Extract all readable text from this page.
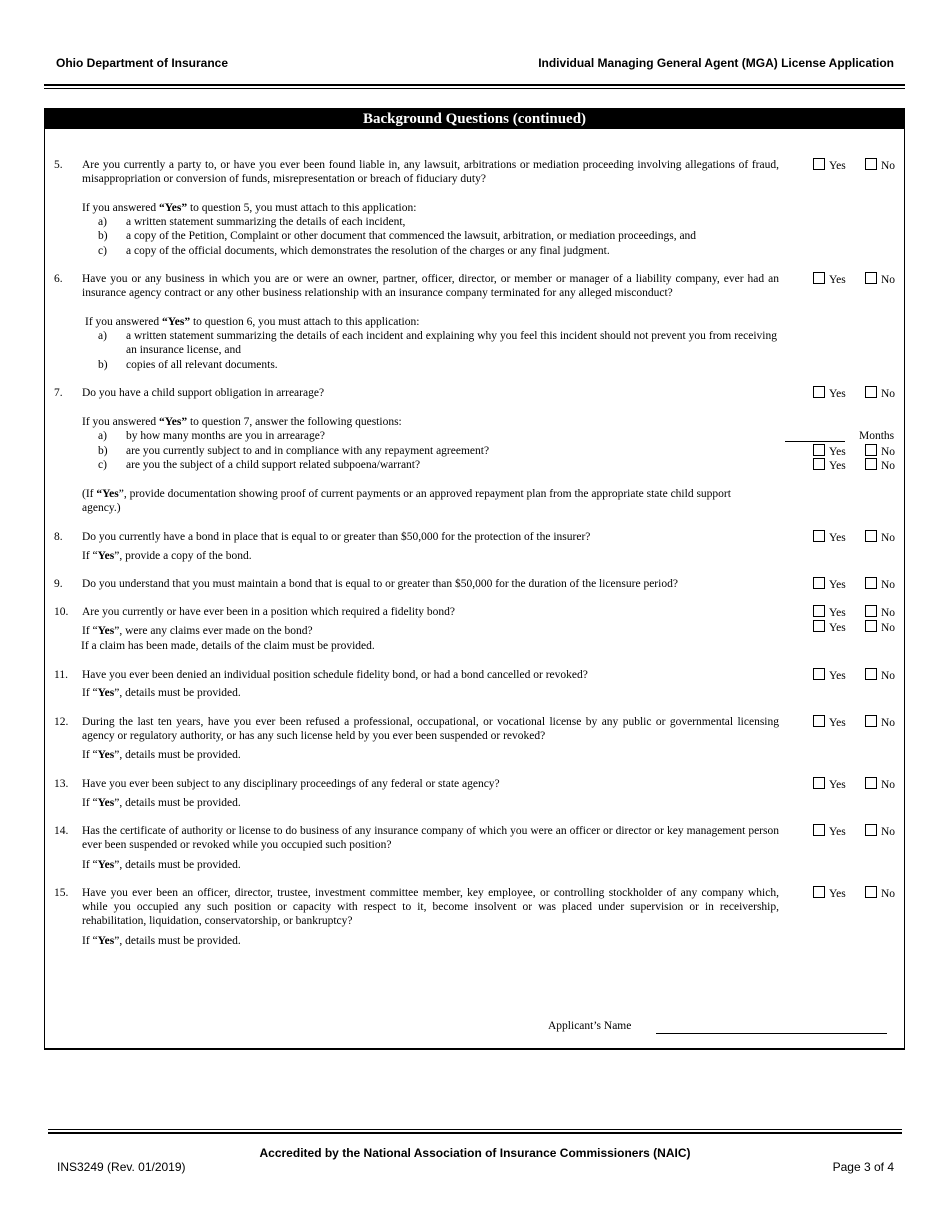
Ohio Department of Insurance	Individual Managing General Agent (MGA) License Application
Background Questions (continued)
5. Are you currently a party to, or have you ever been found liable in, any lawsuit, arbitrations or mediation proceeding involving allegations of fraud, misappropriation or conversion of funds, misrepresentation or breach of fiduciary duty?
Yes	No
If you answered “Yes” to question 5, you must attach to this application:
a) a written statement summarizing the details of each incident,
b) a copy of the Petition, Complaint or other document that commenced the lawsuit, arbitration, or mediation proceedings, and
c) a copy of the official documents, which demonstrates the resolution of the charges or any final judgment.
6. Have you or any business in which you are or were an owner, partner, officer, director, or member or manager of a liability company, ever had an insurance agency contract or any other business relationship with an insurance company terminated for any alleged misconduct?
Yes	No
If you answered “Yes” to question 6, you must attach to this application:
a) a written statement summarizing the details of each incident and explaining why you feel this incident should not prevent you from receiving an insurance license, and
b) copies of all relevant documents.
7. Do you have a child support obligation in arrearage?	Yes	No
If you answered “Yes” to question 7, answer the following questions:
a) by how many months are you in arrearage?	Months
b) are you currently subject to and in compliance with any repayment agreement?	Yes	No
c) are you the subject of a child support related subpoena/warrant?	Yes	No
(If “Yes”, provide documentation showing proof of current payments or an approved repayment plan from the appropriate state child support agency.)
8. Do you currently have a bond in place that is equal to or greater than $50,000 for the protection of the insurer?	Yes	No
If “Yes”, provide a copy of the bond.
9. Do you understand that you must maintain a bond that is equal to or greater than $50,000 for the duration of the licensure period?	Yes	No
10. Are you currently or have ever been in a position which required a fidelity bond?	Yes	No
If “Yes”, were any claims ever made on the bond?	Yes	No
If a claim has been made, details of the claim must be provided.
11. Have you ever been denied an individual position schedule fidelity bond, or had a bond cancelled or revoked?	Yes	No
If “Yes”, details must be provided.
12. During the last ten years, have you ever been refused a professional, occupational, or vocational license by any public or governmental licensing agency or regulatory authority, or has any such license held by you ever been suspended or revoked?
Yes	No
If “Yes”, details must be provided.
13. Have you ever been subject to any disciplinary proceedings of any federal or state agency?	Yes	No
If “Yes”, details must be provided.
14. Has the certificate of authority or license to do business of any insurance company of which you were an officer or director or key management person ever been suspended or revoked while you occupied such position?
Yes	No
If “Yes”, details must be provided.
15. Have you ever been an officer, director, trustee, investment committee member, key employee, or controlling stockholder of any company which, while you occupied any such position or capacity with respect to it, become insolvent or was placed under supervision or in receivership, rehabilitation, liquidation, conservatorship, or bankruptcy?
Yes	No
If “Yes”, details must be provided.
Applicant’s Name
Accredited by the National Association of Insurance Commissioners (NAIC)
INS3249 (Rev. 01/2019)	Page 3 of 4
